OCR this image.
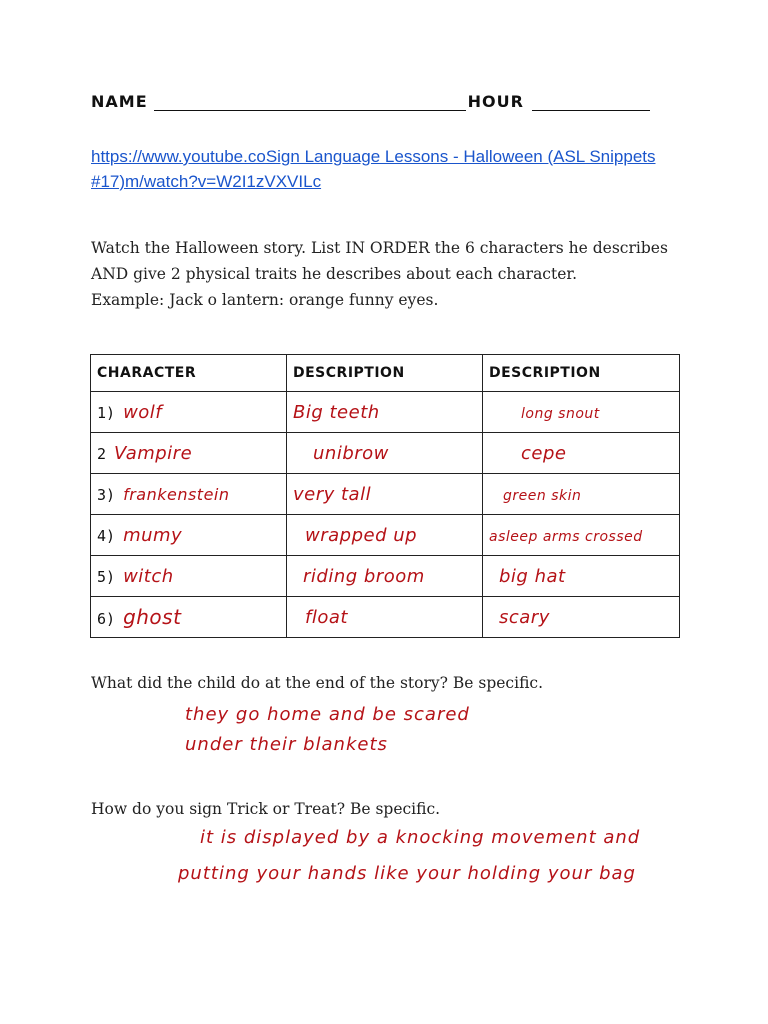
NAME	HOUR
https://www.youtube.coSign Language Lessons - Halloween (ASL Snippets
#17)m/watch?v=W2I1zVXVILc
Watch the Halloween story. List IN ORDER the 6 characters he describes
AND give 2 physical traits he describes about each character.
Example: Jack o lantern: orange funny eyes.
CHARACTER	DESCRIPTION	DESCRIPTION
1) wolf	Big teeth	long snout
2 Vampire	unibrow	cepe
3) frankenstein	very tall	green skin
4) mumy	wrapped up	asleep arms crossed
5) witch	riding broom	big hat
6) ghost	float	scary
What did the child do at the end of the story? Be specific.
they go home and be scared
under their blankets
How do you sign Trick or Treat? Be specific.
it is displayed by a knocking movement and
putting your hands like your holding your bag
